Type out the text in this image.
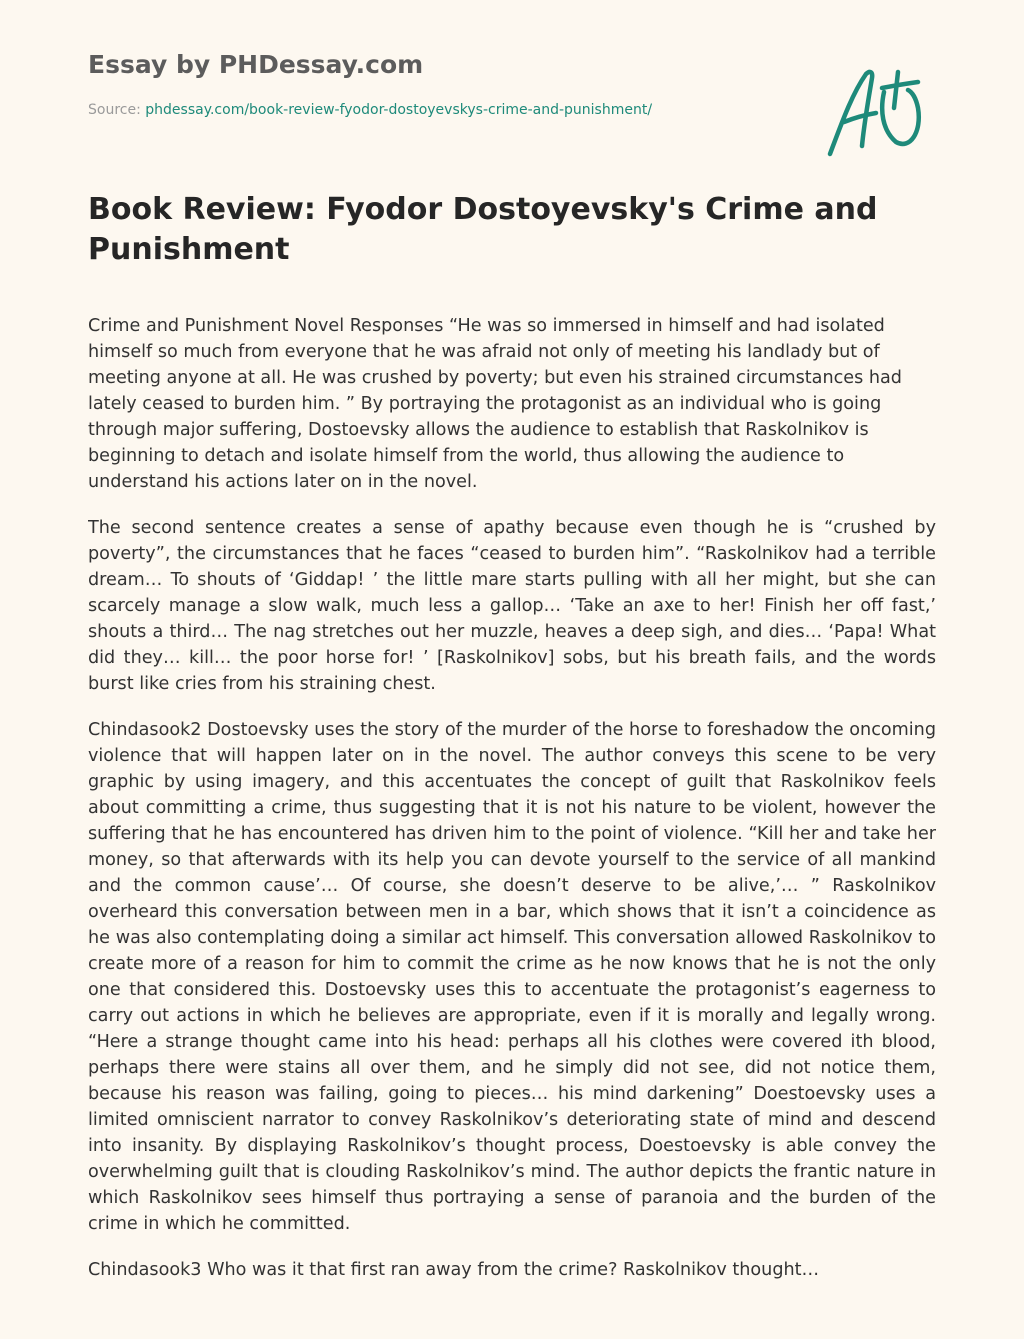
Essay by PHDessay.com
Source: phdessay.com/book-review-fyodor-dostoyevskys-crime-and-punishment/
Book Review: Fyodor Dostoyevsky's Crime and Punishment

Crime and Punishment Novel Responses “He was so immersed in himself and had isolated himself so much from everyone that he was afraid not only of meeting his landlady but of meeting anyone at all. He was crushed by poverty; but even his strained circumstances had lately ceased to burden him. ” By portraying the protagonist as an individual who is going through major suffering, Dostoevsky allows the audience to establish that Raskolnikov is beginning to detach and isolate himself from the world, thus allowing the audience to understand his actions later on in the novel.

The second sentence creates a sense of apathy because even though he is “crushed by poverty”, the circumstances that he faces “ceased to burden him”. “Raskolnikov had a terrible dream… To shouts of ‘Giddap! ’ the little mare starts pulling with all her might, but she can scarcely manage a slow walk, much less a gallop… ‘Take an axe to her! Finish her off fast,’ shouts a third… The nag stretches out her muzzle, heaves a deep sigh, and dies… ‘Papa! What did they… kill… the poor horse for! ’ [Raskolnikov] sobs, but his breath fails, and the words burst like cries from his straining chest.

Chindasook2 Dostoevsky uses the story of the murder of the horse to foreshadow the oncoming violence that will happen later on in the novel. The author conveys this scene to be very graphic by using imagery, and this accentuates the concept of guilt that Raskolnikov feels about committing a crime, thus suggesting that it is not his nature to be violent, however the suffering that he has encountered has driven him to the point of violence. “Kill her and take her money, so that afterwards with its help you can devote yourself to the service of all mankind and the common cause’… Of course, she doesn’t deserve to be alive,’… ” Raskolnikov overheard this conversation between men in a bar, which shows that it isn’t a coincidence as he was also contemplating doing a similar act himself. This conversation allowed Raskolnikov to create more of a reason for him to commit the crime as he now knows that he is not the only one that considered this. Dostoevsky uses this to accentuate the protagonist’s eagerness to carry out actions in which he believes are appropriate, even if it is morally and legally wrong. “Here a strange thought came into his head: perhaps all his clothes were covered ith blood, perhaps there were stains all over them, and he simply did not see, did not notice them, because his reason was failing, going to pieces… his mind darkening” Doestoevsky uses a limited omniscient narrator to convey Raskolnikov’s deteriorating state of mind and descend into insanity. By displaying Raskolnikov’s thought process, Doestoevsky is able convey the overwhelming guilt that is clouding Raskolnikov’s mind. The author depicts the frantic nature in which Raskolnikov sees himself thus portraying a sense of paranoia and the burden of the crime in which he committed.

Chindasook3 Who was it that first ran away from the crime? Raskolnikov thought…
